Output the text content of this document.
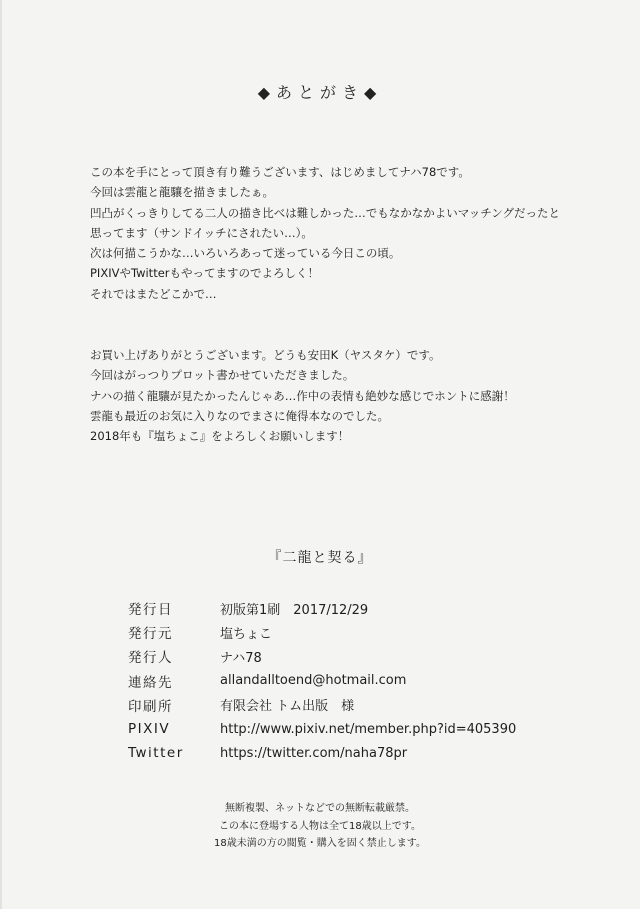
◆あとがき◆

この本を手にとって頂き有り難うございます、はじめましてナハ78です。

今回は雲龍と龍驤を描きましたぁ。

凹凸がくっきりしてる二人の描き比べは難しかった…でもなかなかよいマッチングだったと

思ってます（サンドイッチにされたい…）。

次は何描こうかな…いろいろあって迷っている今日この頃。

PIXIVやTwitterもやってますのでよろしく！

それではまたどこかで…

お買い上げありがとうございます。どうも安田K（ヤスタケ）です。

今回はがっつりプロット書かせていただきました。

ナハの描く龍驤が見たかったんじゃあ…作中の表情も絶妙な感じでホントに感謝！

雲龍も最近のお気に入りなのでまさに俺得本なのでした。

2018年も『塩ちょこ』をよろしくお願いします！

『二龍と契る』
発行日	初版第1刷　2017/12/29
発行元	塩ちょこ
発行人	ナハ78
連絡先	allandalltoend@hotmail.com
印刷所	有限会社 トム出版　様
PIXIV	http://www.pixiv.net/member.php?id=405390
Twitter	https://twitter.com/naha78pr

無断複製、ネットなどでの無断転載厳禁。

この本に登場する人物は全て18歳以上です。

18歳未満の方の閲覧・購入を固く禁止します。
